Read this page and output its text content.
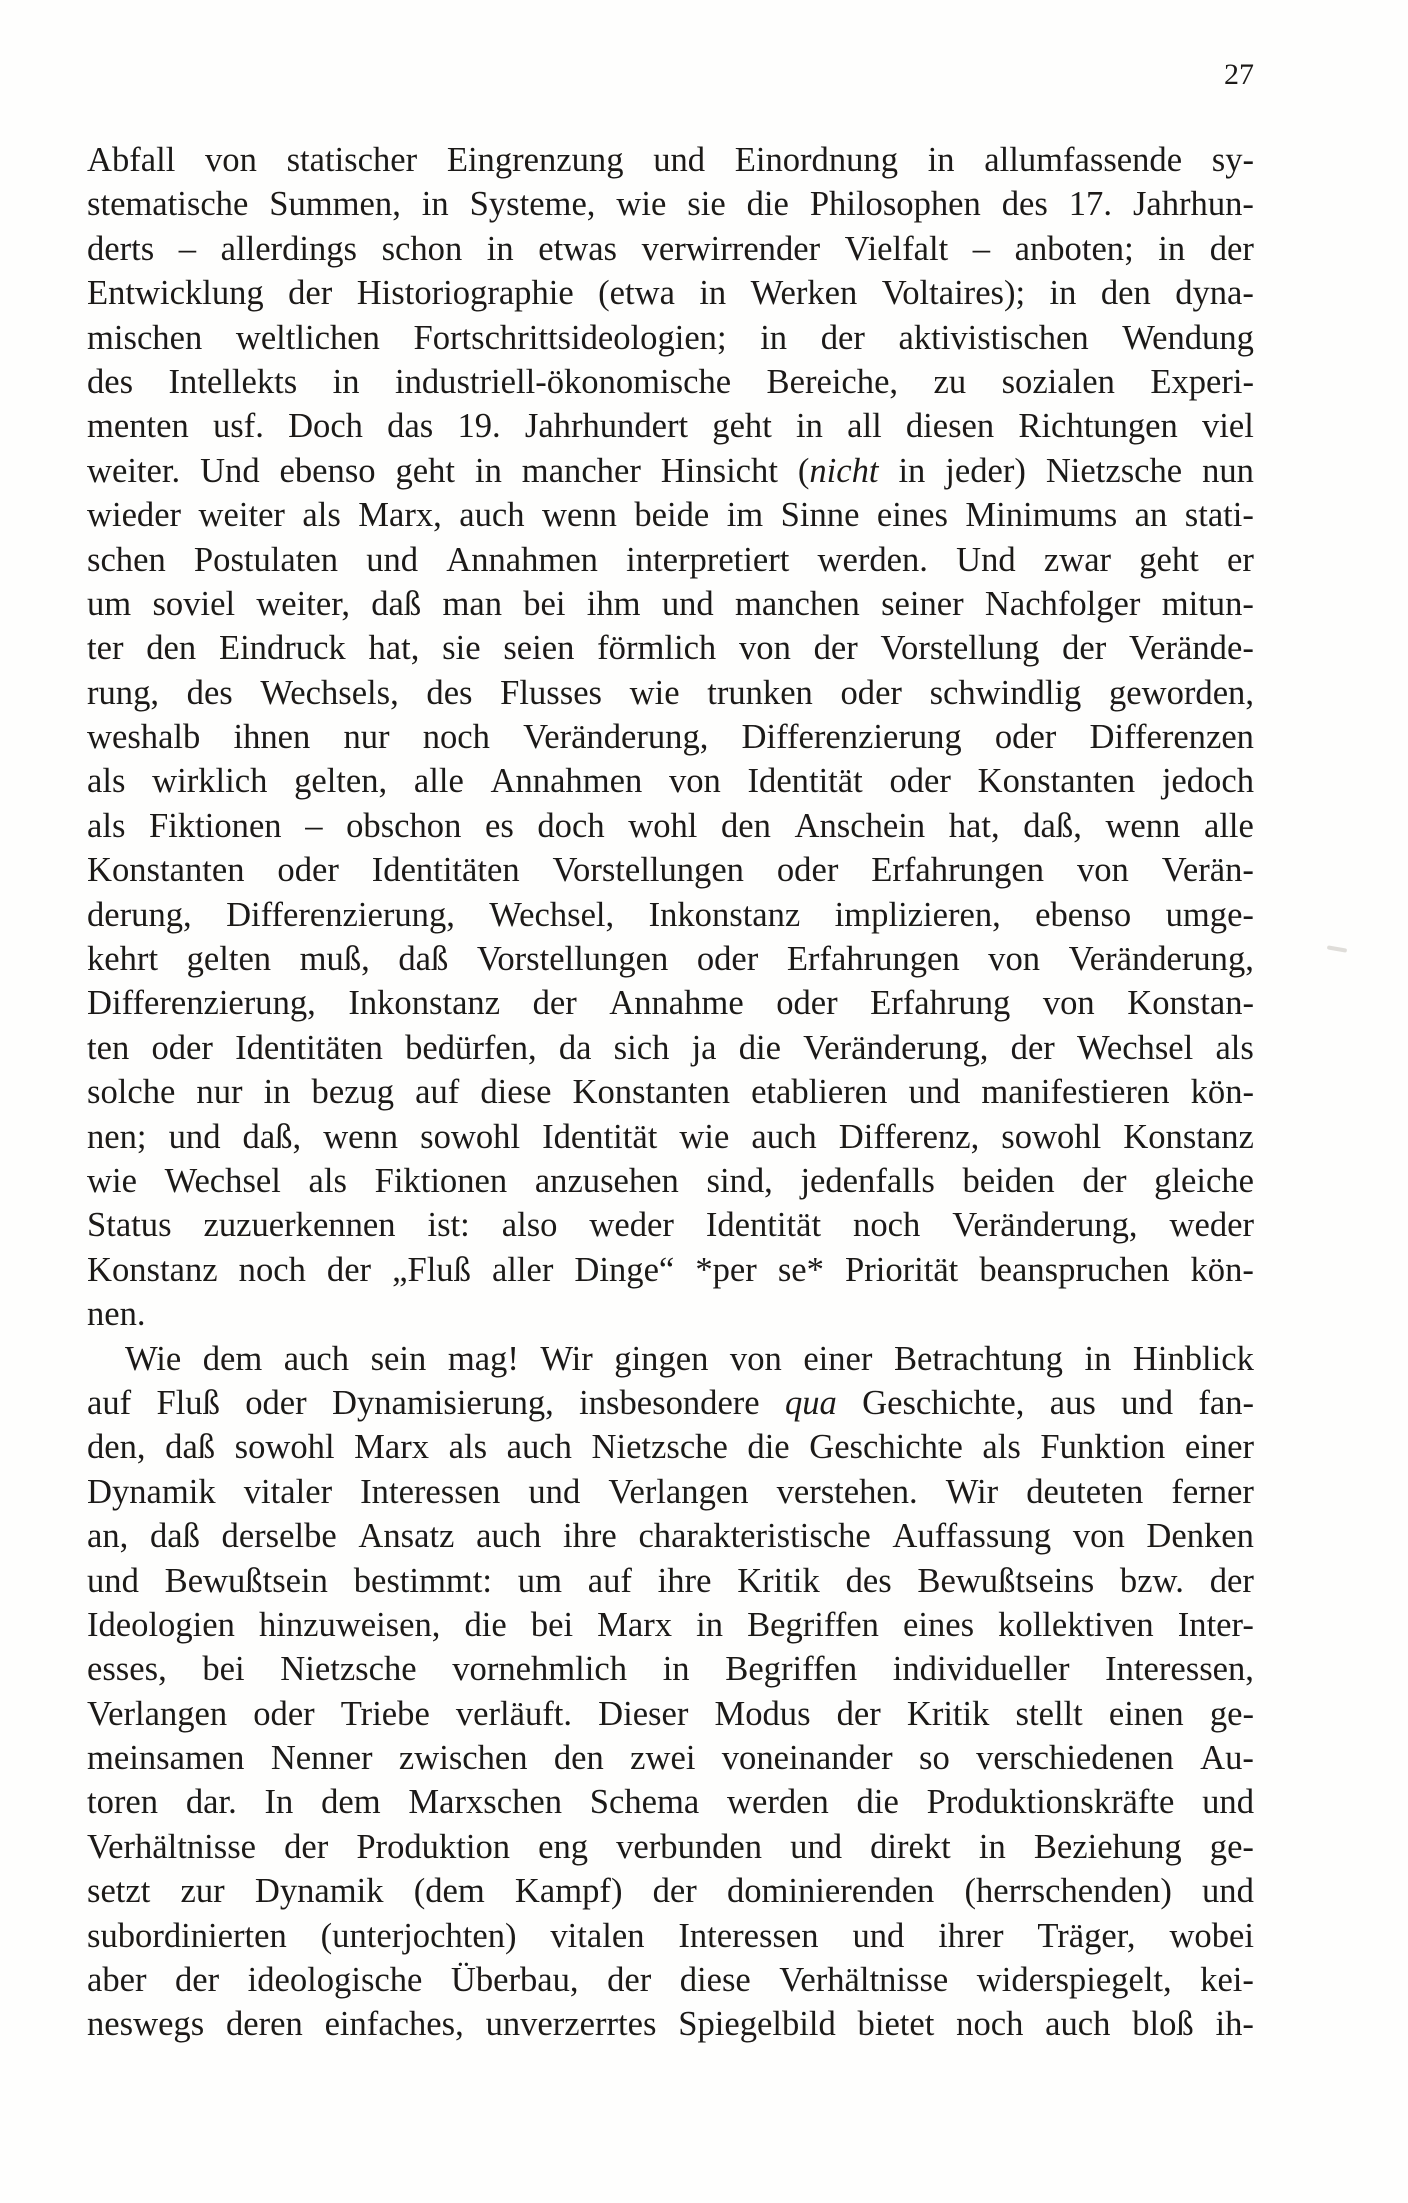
27
Abfall von statischer Eingrenzung und Einordnung in allumfassende sy-
stematische Summen, in Systeme, wie sie die Philosophen des 17. Jahrhun-
derts – allerdings schon in etwas verwirrender Vielfalt – anboten; in der
Entwicklung der Historiographie (etwa in Werken Voltaires); in den dyna-
mischen weltlichen Fortschrittsideologien; in der aktivistischen Wendung
des Intellekts in industriell-ökonomische Bereiche, zu sozialen Experi-
menten usf. Doch das 19. Jahrhundert geht in all diesen Richtungen viel
weiter. Und ebenso geht in mancher Hinsicht (nicht in jeder) Nietzsche nun
wieder weiter als Marx, auch wenn beide im Sinne eines Minimums an stati-
schen Postulaten und Annahmen interpretiert werden. Und zwar geht er
um soviel weiter, daß man bei ihm und manchen seiner Nachfolger mitun-
ter den Eindruck hat, sie seien förmlich von der Vorstellung der Verände-
rung, des Wechsels, des Flusses wie trunken oder schwindlig geworden,
weshalb ihnen nur noch Veränderung, Differenzierung oder Differenzen
als wirklich gelten, alle Annahmen von Identität oder Konstanten jedoch
als Fiktionen – obschon es doch wohl den Anschein hat, daß, wenn alle
Konstanten oder Identitäten Vorstellungen oder Erfahrungen von Verän-
derung, Differenzierung, Wechsel, Inkonstanz implizieren, ebenso umge-
kehrt gelten muß, daß Vorstellungen oder Erfahrungen von Veränderung,
Differenzierung, Inkonstanz der Annahme oder Erfahrung von Konstan-
ten oder Identitäten bedürfen, da sich ja die Veränderung, der Wechsel als
solche nur in bezug auf diese Konstanten etablieren und manifestieren kön-
nen; und daß, wenn sowohl Identität wie auch Differenz, sowohl Konstanz
wie Wechsel als Fiktionen anzusehen sind, jedenfalls beiden der gleiche
Status zuzuerkennen ist: also weder Identität noch Veränderung, weder
Konstanz noch der „Fluß aller Dinge“ *per se* Priorität beanspruchen kön-
nen.
Wie dem auch sein mag! Wir gingen von einer Betrachtung in Hinblick
auf Fluß oder Dynamisierung, insbesondere qua Geschichte, aus und fan-
den, daß sowohl Marx als auch Nietzsche die Geschichte als Funktion einer
Dynamik vitaler Interessen und Verlangen verstehen. Wir deuteten ferner
an, daß derselbe Ansatz auch ihre charakteristische Auffassung von Denken
und Bewußtsein bestimmt: um auf ihre Kritik des Bewußtseins bzw. der
Ideologien hinzuweisen, die bei Marx in Begriffen eines kollektiven Inter-
esses, bei Nietzsche vornehmlich in Begriffen individueller Interessen,
Verlangen oder Triebe verläuft. Dieser Modus der Kritik stellt einen ge-
meinsamen Nenner zwischen den zwei voneinander so verschiedenen Au-
toren dar. In dem Marxschen Schema werden die Produktionskräfte und
Verhältnisse der Produktion eng verbunden und direkt in Beziehung ge-
setzt zur Dynamik (dem Kampf) der dominierenden (herrschenden) und
subordinierten (unterjochten) vitalen Interessen und ihrer Träger, wobei
aber der ideologische Überbau, der diese Verhältnisse widerspiegelt, kei-
neswegs deren einfaches, unverzerrtes Spiegelbild bietet noch auch bloß ih-
